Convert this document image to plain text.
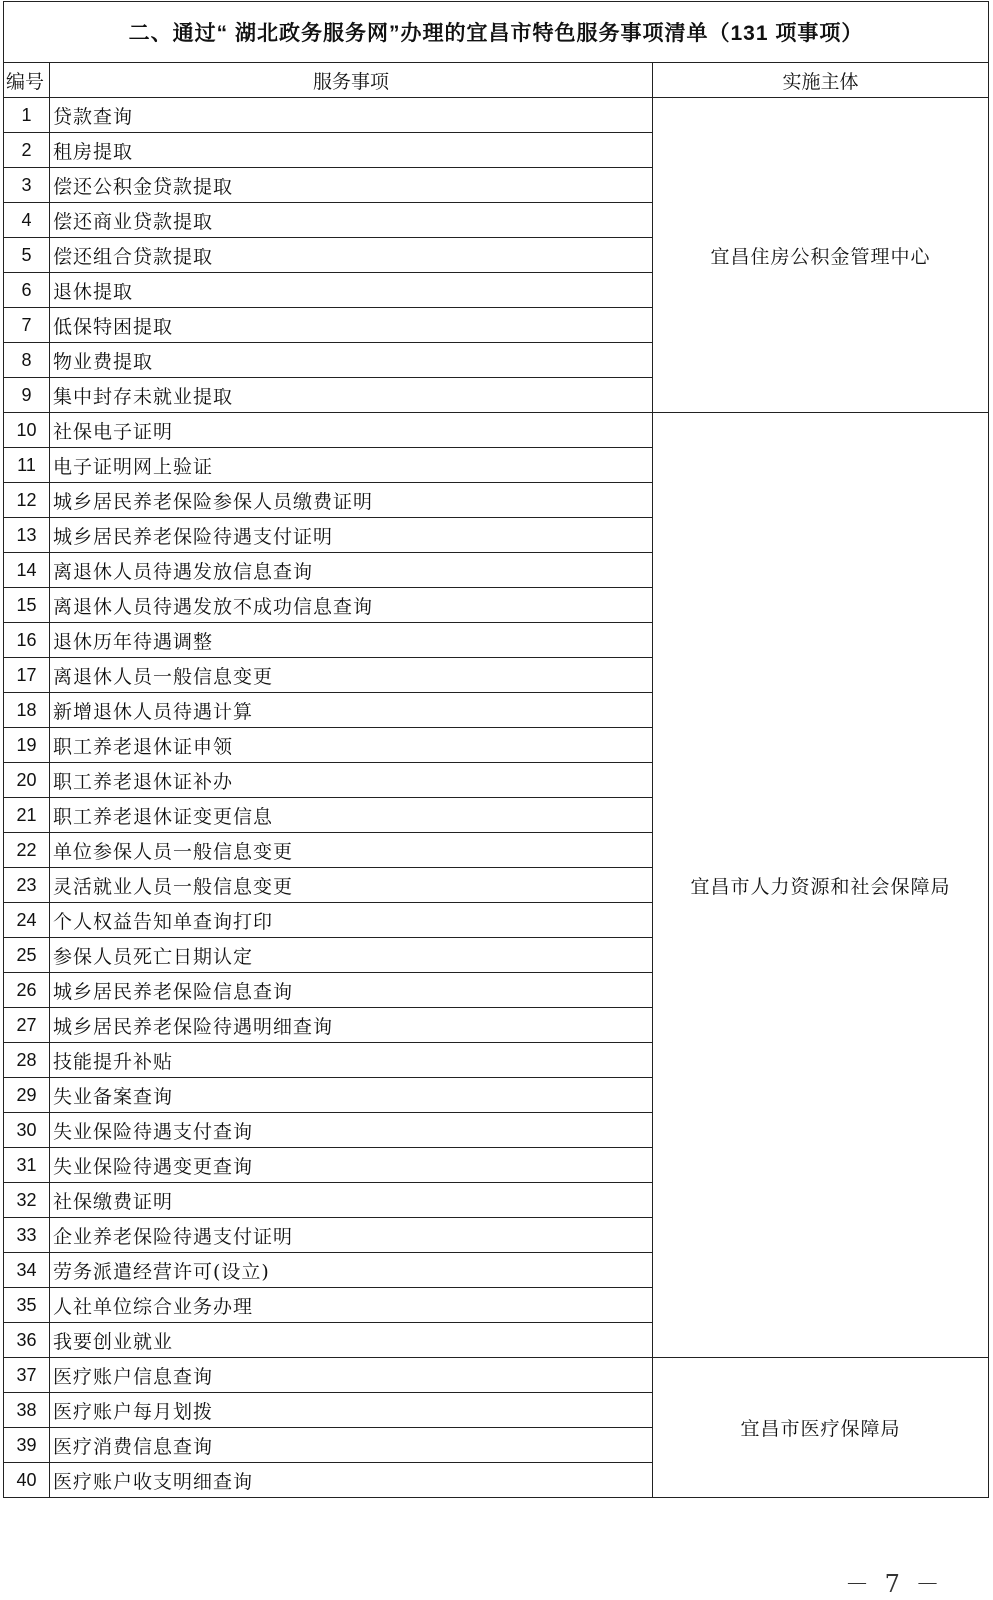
二、通过“ 湖北政务服务网”办理的宜昌市特色服务事项清单（131 项事项）		
编号	服务事项	实施主体
1	贷款查询	宜昌住房公积金管理中心
2	租房提取	
3	偿还公积金贷款提取	
4	偿还商业贷款提取	
5	偿还组合贷款提取	
6	退休提取	
7	低保特困提取	
8	物业费提取	
9	集中封存未就业提取	
10	社保电子证明	宜昌市人力资源和社会保障局
11	电子证明网上验证	
12	城乡居民养老保险参保人员缴费证明	
13	城乡居民养老保险待遇支付证明	
14	离退休人员待遇发放信息查询	
15	离退休人员待遇发放不成功信息查询	
16	退休历年待遇调整	
17	离退休人员一般信息变更	
18	新增退休人员待遇计算	
19	职工养老退休证申领	
20	职工养老退休证补办	
21	职工养老退休证变更信息	
22	单位参保人员一般信息变更	
23	灵活就业人员一般信息变更	
24	个人权益告知单查询打印	
25	参保人员死亡日期认定	
26	城乡居民养老保险信息查询	
27	城乡居民养老保险待遇明细查询	
28	技能提升补贴	
29	失业备案查询	
30	失业保险待遇支付查询	
31	失业保险待遇变更查询	
32	社保缴费证明	
33	企业养老保险待遇支付证明	
34	劳务派遣经营许可(设立)	
35	人社单位综合业务办理	
36	我要创业就业	
37	医疗账户信息查询	宜昌市医疗保障局
38	医疗账户每月划拨	
39	医疗消费信息查询	
40	医疗账户收支明细查询	
－ 7 －
